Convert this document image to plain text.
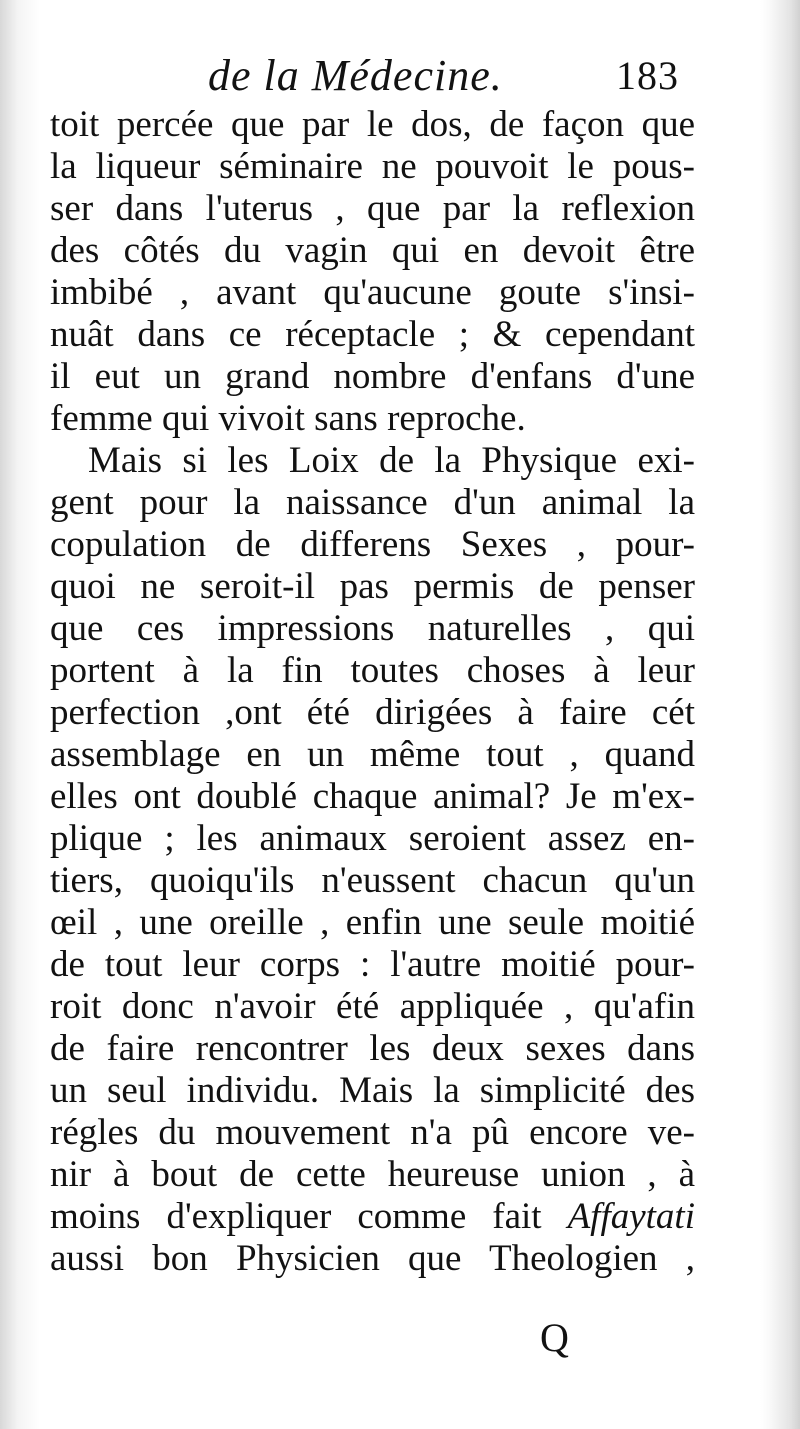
de la Médecine.	183
toit percée que par le dos, de façon que
la liqueur séminaire ne pouvoit le pous-
ser dans l'uterus , que par la reflexion
des côtés du vagin qui en devoit être
imbibé , avant qu'aucune goute s'insi-
nuât dans ce réceptacle ; & cependant
il eut un grand nombre d'enfans d'une
femme qui vivoit sans reproche.
Mais si les Loix de la Physique exi-
gent pour la naissance d'un animal la
copulation de differens Sexes , pour-
quoi ne seroit-il pas permis de penser
que ces impressions naturelles , qui
portent à la fin toutes choses à leur
perfection ,ont été dirigées à faire cét
assemblage en un même tout , quand
elles ont doublé chaque animal? Je m'ex-
plique ; les animaux seroient assez en-
tiers, quoiqu'ils n'eussent chacun qu'un
œil , une oreille , enfin une seule moitié
de tout leur corps : l'autre moitié pour-
roit donc n'avoir été appliquée , qu'afin
de faire rencontrer les deux sexes dans
un seul individu. Mais la simplicité des
régles du mouvement n'a pû encore ve-
nir à bout de cette heureuse union , à
moins d'expliquer comme fait Affaytati
aussi bon Physicien que Theologien ,
Q
